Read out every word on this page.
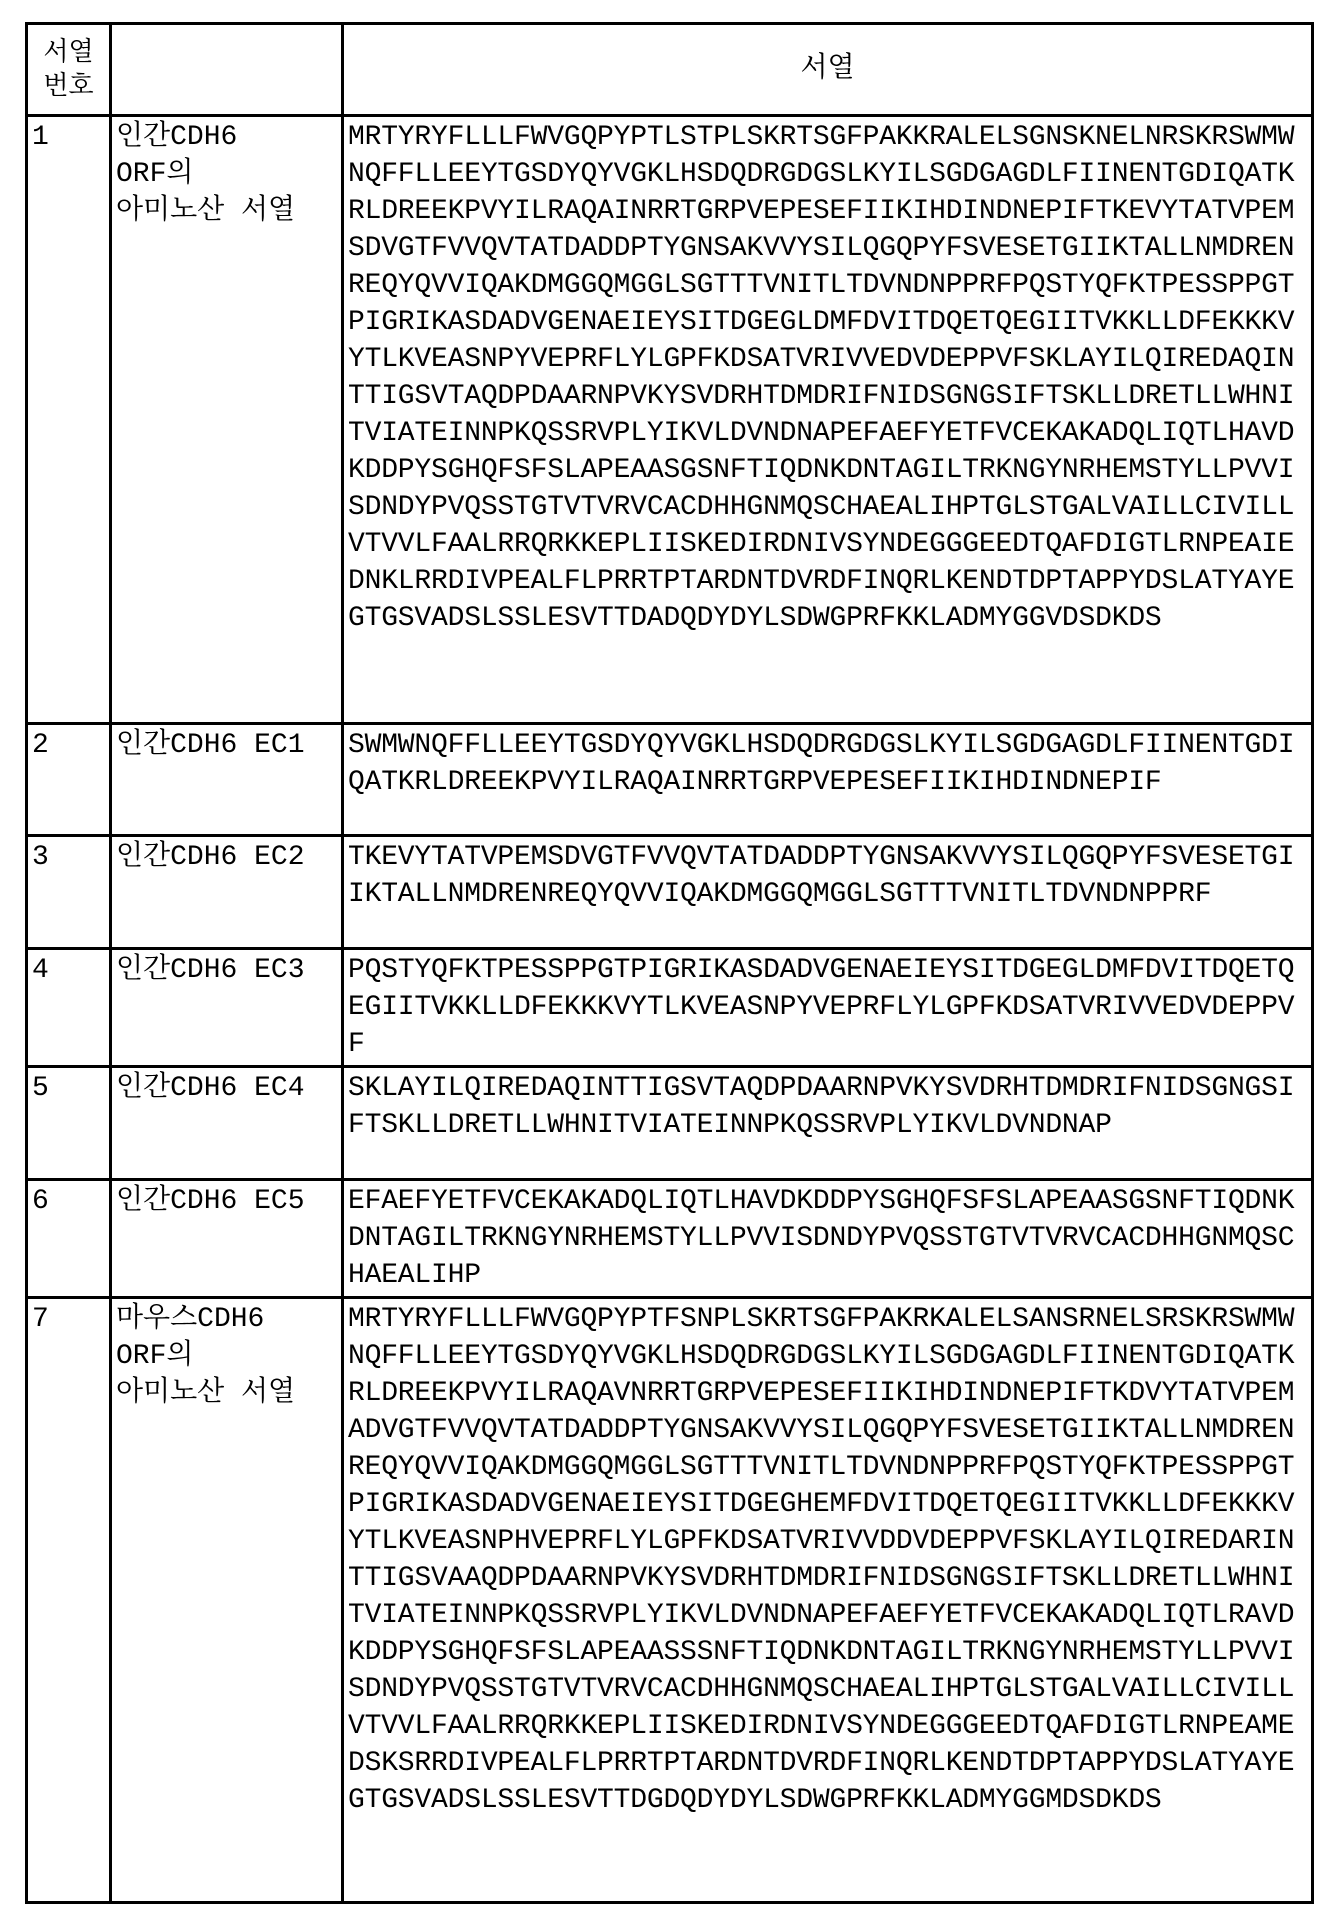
서열 번호		서열
1	인간CDH6
ORF의
아미노산 서열

MRTYRYFLLLFWVGQPYPTLSTPLSKRTSGFPAKKRALELSGNSKNELNRSKRSWMW
NQFFLLEEYTGSDYQYVGKLHSDQDRGDGSLKYILSGDGAGDLFIINENTGDIQATK
RLDREEKPVYILRAQAINRRTGRPVEPESEFIIKIHDINDNEPIFTKEVYTATVPEM
SDVGTFVVQVTATDADDPTYGNSAKVVYSILQGQPYFSVESETGIIKTALLNMDREN
REQYQVVIQAKDMGGQMGGLSGTTTVNITLTDVNDNPPRFPQSTYQFKTPESSPPGT
PIGRIKASDADVGENAEIEYSITDGEGLDMFDVITDQETQEGIITVKKLLDFEKKKV
YTLKVEASNPYVEPRFLYLGPFKDSATVRIVVEDVDEPPVFSKLAYILQIREDAQIN
TTIGSVTAQDPDAARNPVKYSVDRHTDMDRIFNIDSGNGSIFTSKLLDRETLLWHNI
TVIATEINNPKQSSRVPLYIKVLDVNDNAPEFAEFYETFVCEKAKADQLIQTLHAVD
KDDPYSGHQFSFSLAPEAASGSNFTIQDNKDNTAGILTRKNGYNRHEMSTYLLPVVI
SDNDYPVQSSTGTVTVRVCACDHHGNMQSCHAEALIHPTGLSTGALVAILLCIVILL
VTVVLFAALRRQRKKEPLIISKEDIRDNIVSYNDEGGGEEDTQAFDIGTLRNPEAIE
DNKLRRDIVPEALFLPRRTPTARDNTDVRDFINQRLKENDTDPTAPPYDSLATYAYE
GTGSVADSLSSLESVTTDADQDYDYLSDWGPRFKKLADMYGGVDSDKDS

2	인간CDH6 EC1	SWMWNQFFLLEEYTGSDYQYVGKLHSDQDRGDGSLKYILSGDGAGDLFIINENTGDI
QATKRLDREEKPVYILRAQAINRRTGRPVEPESEFIIKIHDINDNEPIF

3	인간CDH6 EC2	TKEVYTATVPEMSDVGTFVVQVTATDADDPTYGNSAKVVYSILQGQPYFSVESETGI
IKTALLNMDRENREQYQVVIQAKDMGGQMGGLSGTTTVNITLTDVNDNPPRF

4	인간CDH6 EC3	PQSTYQFKTPESSPPGTPIGRIKASDADVGENAEIEYSITDGEGLDMFDVITDQETQ
EGIITVKKLLDFEKKKVYTLKVEASNPYVEPRFLYLGPFKDSATVRIVVEDVDEPPV
F

5	인간CDH6 EC4	SKLAYILQIREDAQINTTIGSVTAQDPDAARNPVKYSVDRHTDMDRIFNIDSGNGSI
FTSKLLDRETLLWHNITVIATEINNPKQSSRVPLYIKVLDVNDNAP

6	인간CDH6 EC5	EFAEFYETFVCEKAKADQLIQTLHAVDKDDPYSGHQFSFSLAPEAASGSNFTIQDNK
DNTAGILTRKNGYNRHEMSTYLLPVVISDNDYPVQSSTGTVTVRVCACDHHGNMQSC
HAEALIHP

7	마우스CDH6
ORF의
아미노산 서열

MRTYRYFLLLFWVGQPYPTFSNPLSKRTSGFPAKRKALELSANSRNELSRSKRSWMW
NQFFLLEEYTGSDYQYVGKLHSDQDRGDGSLKYILSGDGAGDLFIINENTGDIQATK
RLDREEKPVYILRAQAVNRRTGRPVEPESEFIIKIHDINDNEPIFTKDVYTATVPEM
ADVGTFVVQVTATDADDPTYGNSAKVVYSILQGQPYFSVESETGIIKTALLNMDREN
REQYQVVIQAKDMGGQMGGLSGTTTVNITLTDVNDNPPRFPQSTYQFKTPESSPPGT
PIGRIKASDADVGENAEIEYSITDGEGHEMFDVITDQETQEGIITVKKLLDFEKKKV
YTLKVEASNPHVEPRFLYLGPFKDSATVRIVVDDVDEPPVFSKLAYILQIREDARIN
TTIGSVAAQDPDAARNPVKYSVDRHTDMDRIFNIDSGNGSIFTSKLLDRETLLWHNI
TVIATEINNPKQSSRVPLYIKVLDVNDNAPEFAEFYETFVCEKAKADQLIQTLRAVD
KDDPYSGHQFSFSLAPEAASSSNFTIQDNKDNTAGILTRKNGYNRHEMSTYLLPVVI
SDNDYPVQSSTGTVTVRVCACDHHGNMQSCHAEALIHPTGLSTGALVAILLCIVILL
VTVVLFAALRRQRKKEPLIISKEDIRDNIVSYNDEGGGEEDTQAFDIGTLRNPEAME
DSKSRRDIVPEALFLPRRTPTARDNTDVRDFINQRLKENDTDPTAPPYDSLATYAYE
GTGSVADSLSSLESVTTDGDQDYDYLSDWGPRFKKLADMYGGMDSDKDS
